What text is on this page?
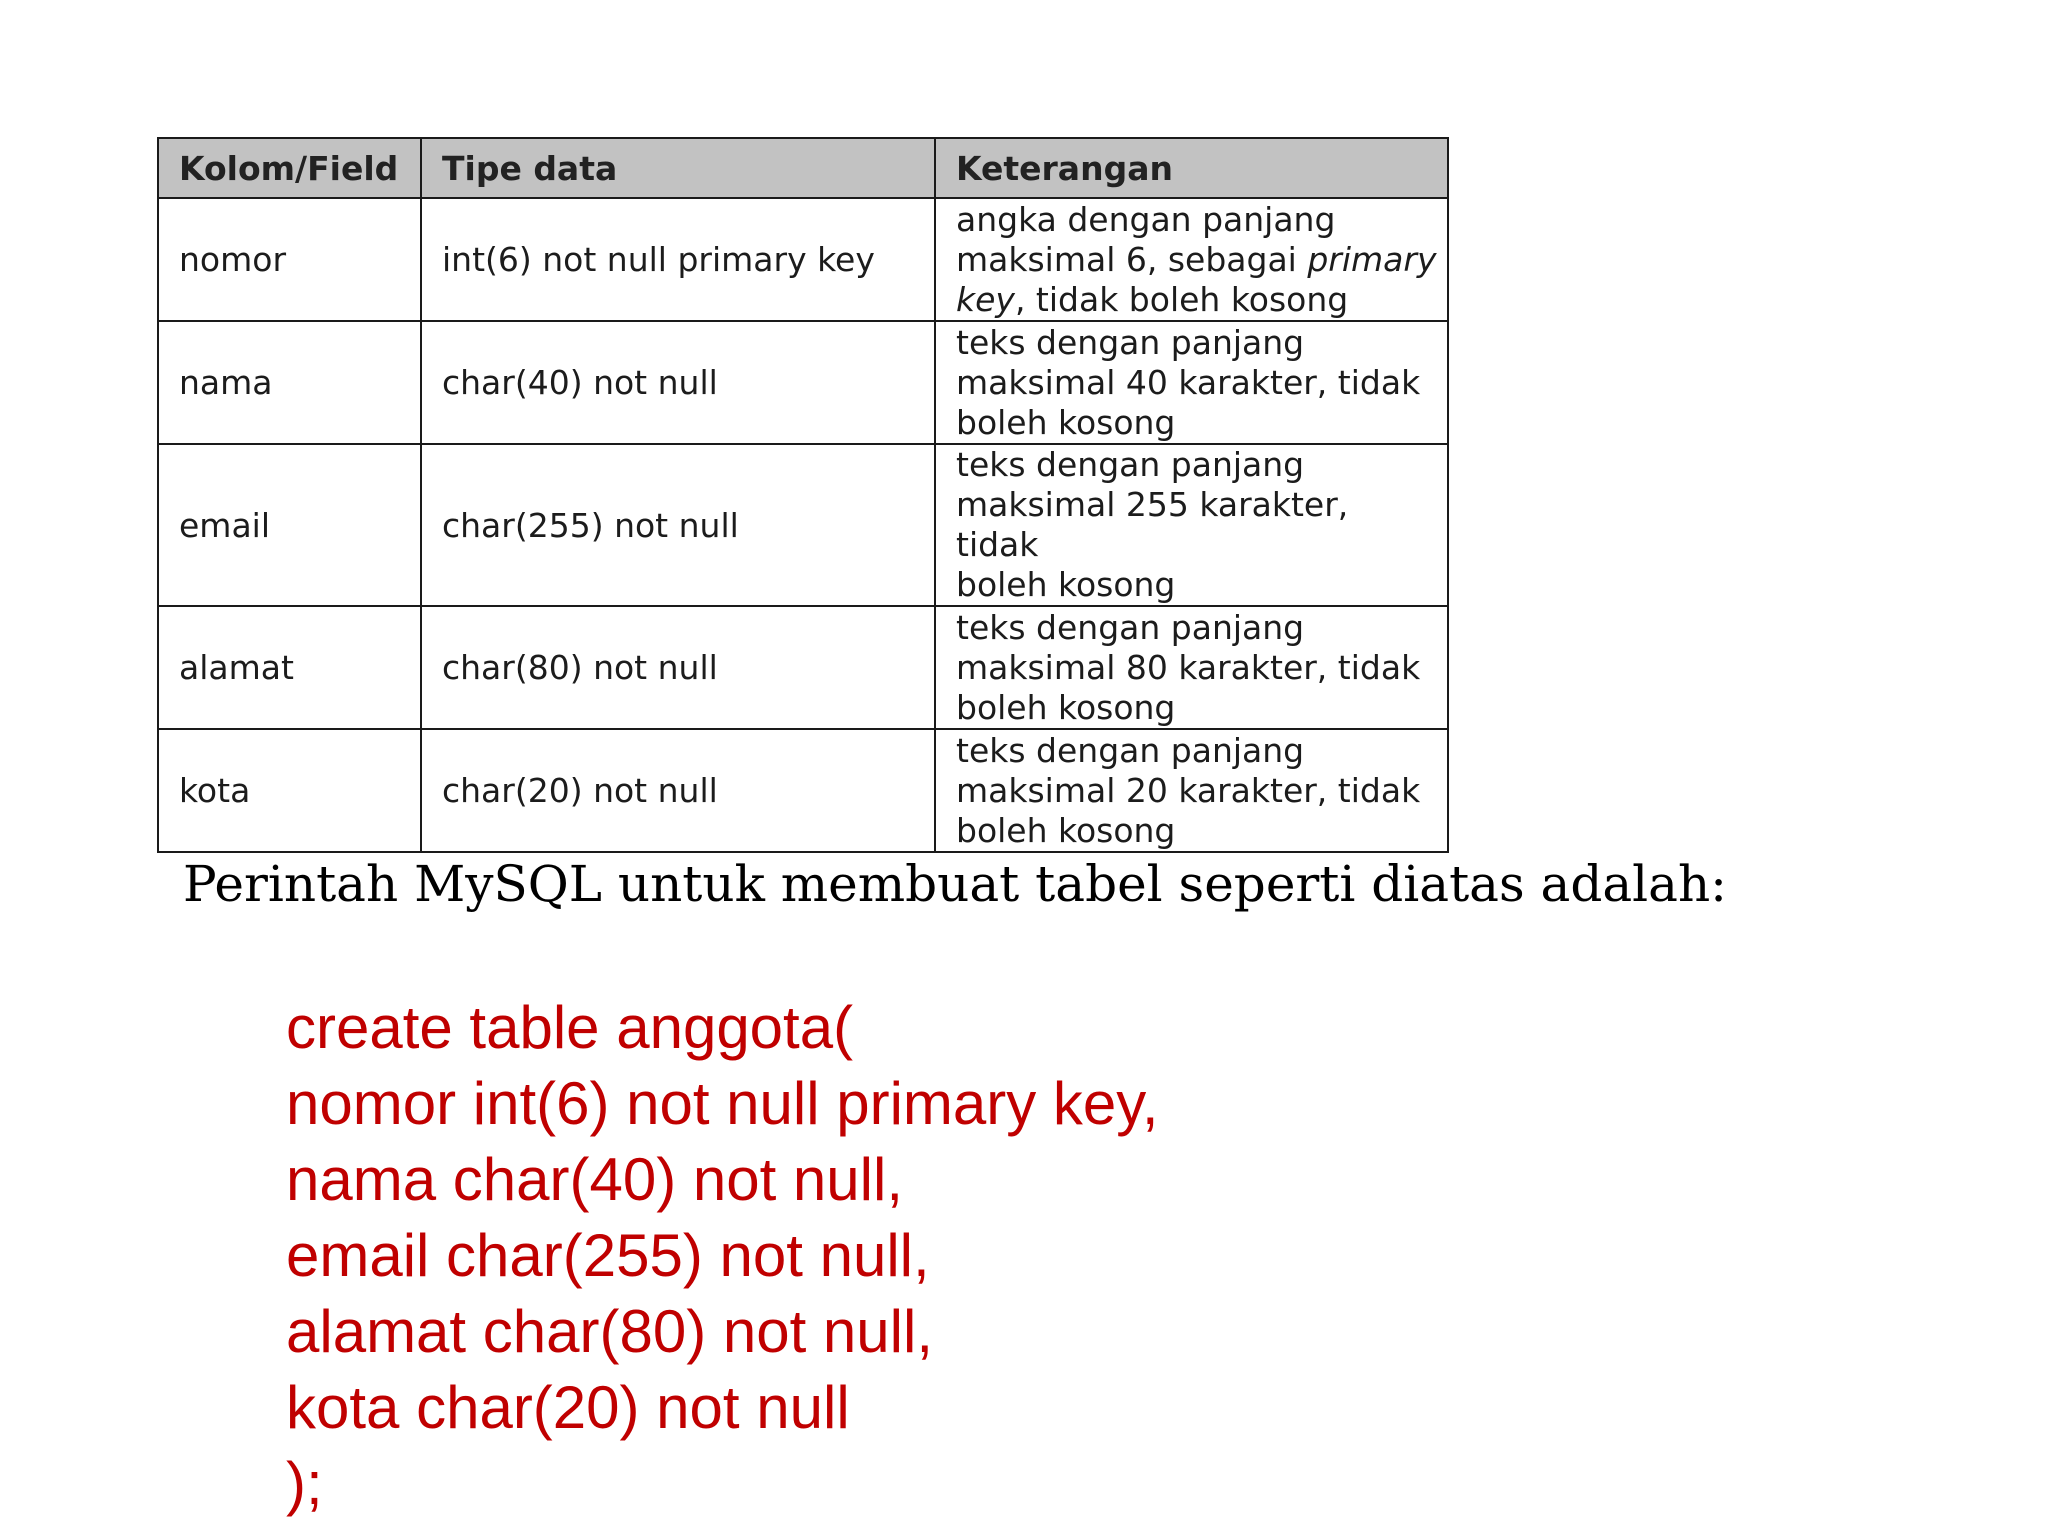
Kolom/Field	Tipe data	Keterangan
nomor	int(6) not null primary key	angka dengan panjang
maksimal 6, sebagai primary
key, tidak boleh kosong
nama	char(40) not null	teks dengan panjang
maksimal 40 karakter, tidak
boleh kosong
email	char(255) not null	teks dengan panjang
maksimal 255 karakter, tidak
boleh kosong
alamat	char(80) not null	teks dengan panjang
maksimal 80 karakter, tidak
boleh kosong
kota	char(20) not null	teks dengan panjang
maksimal 20 karakter, tidak
boleh kosong

Perintah MySQL untuk membuat tabel seperti diatas adalah:

create table anggota(
nomor int(6) not null primary key,
nama char(40) not null,
email char(255) not null,
alamat char(80) not null,
kota char(20) not null
);
